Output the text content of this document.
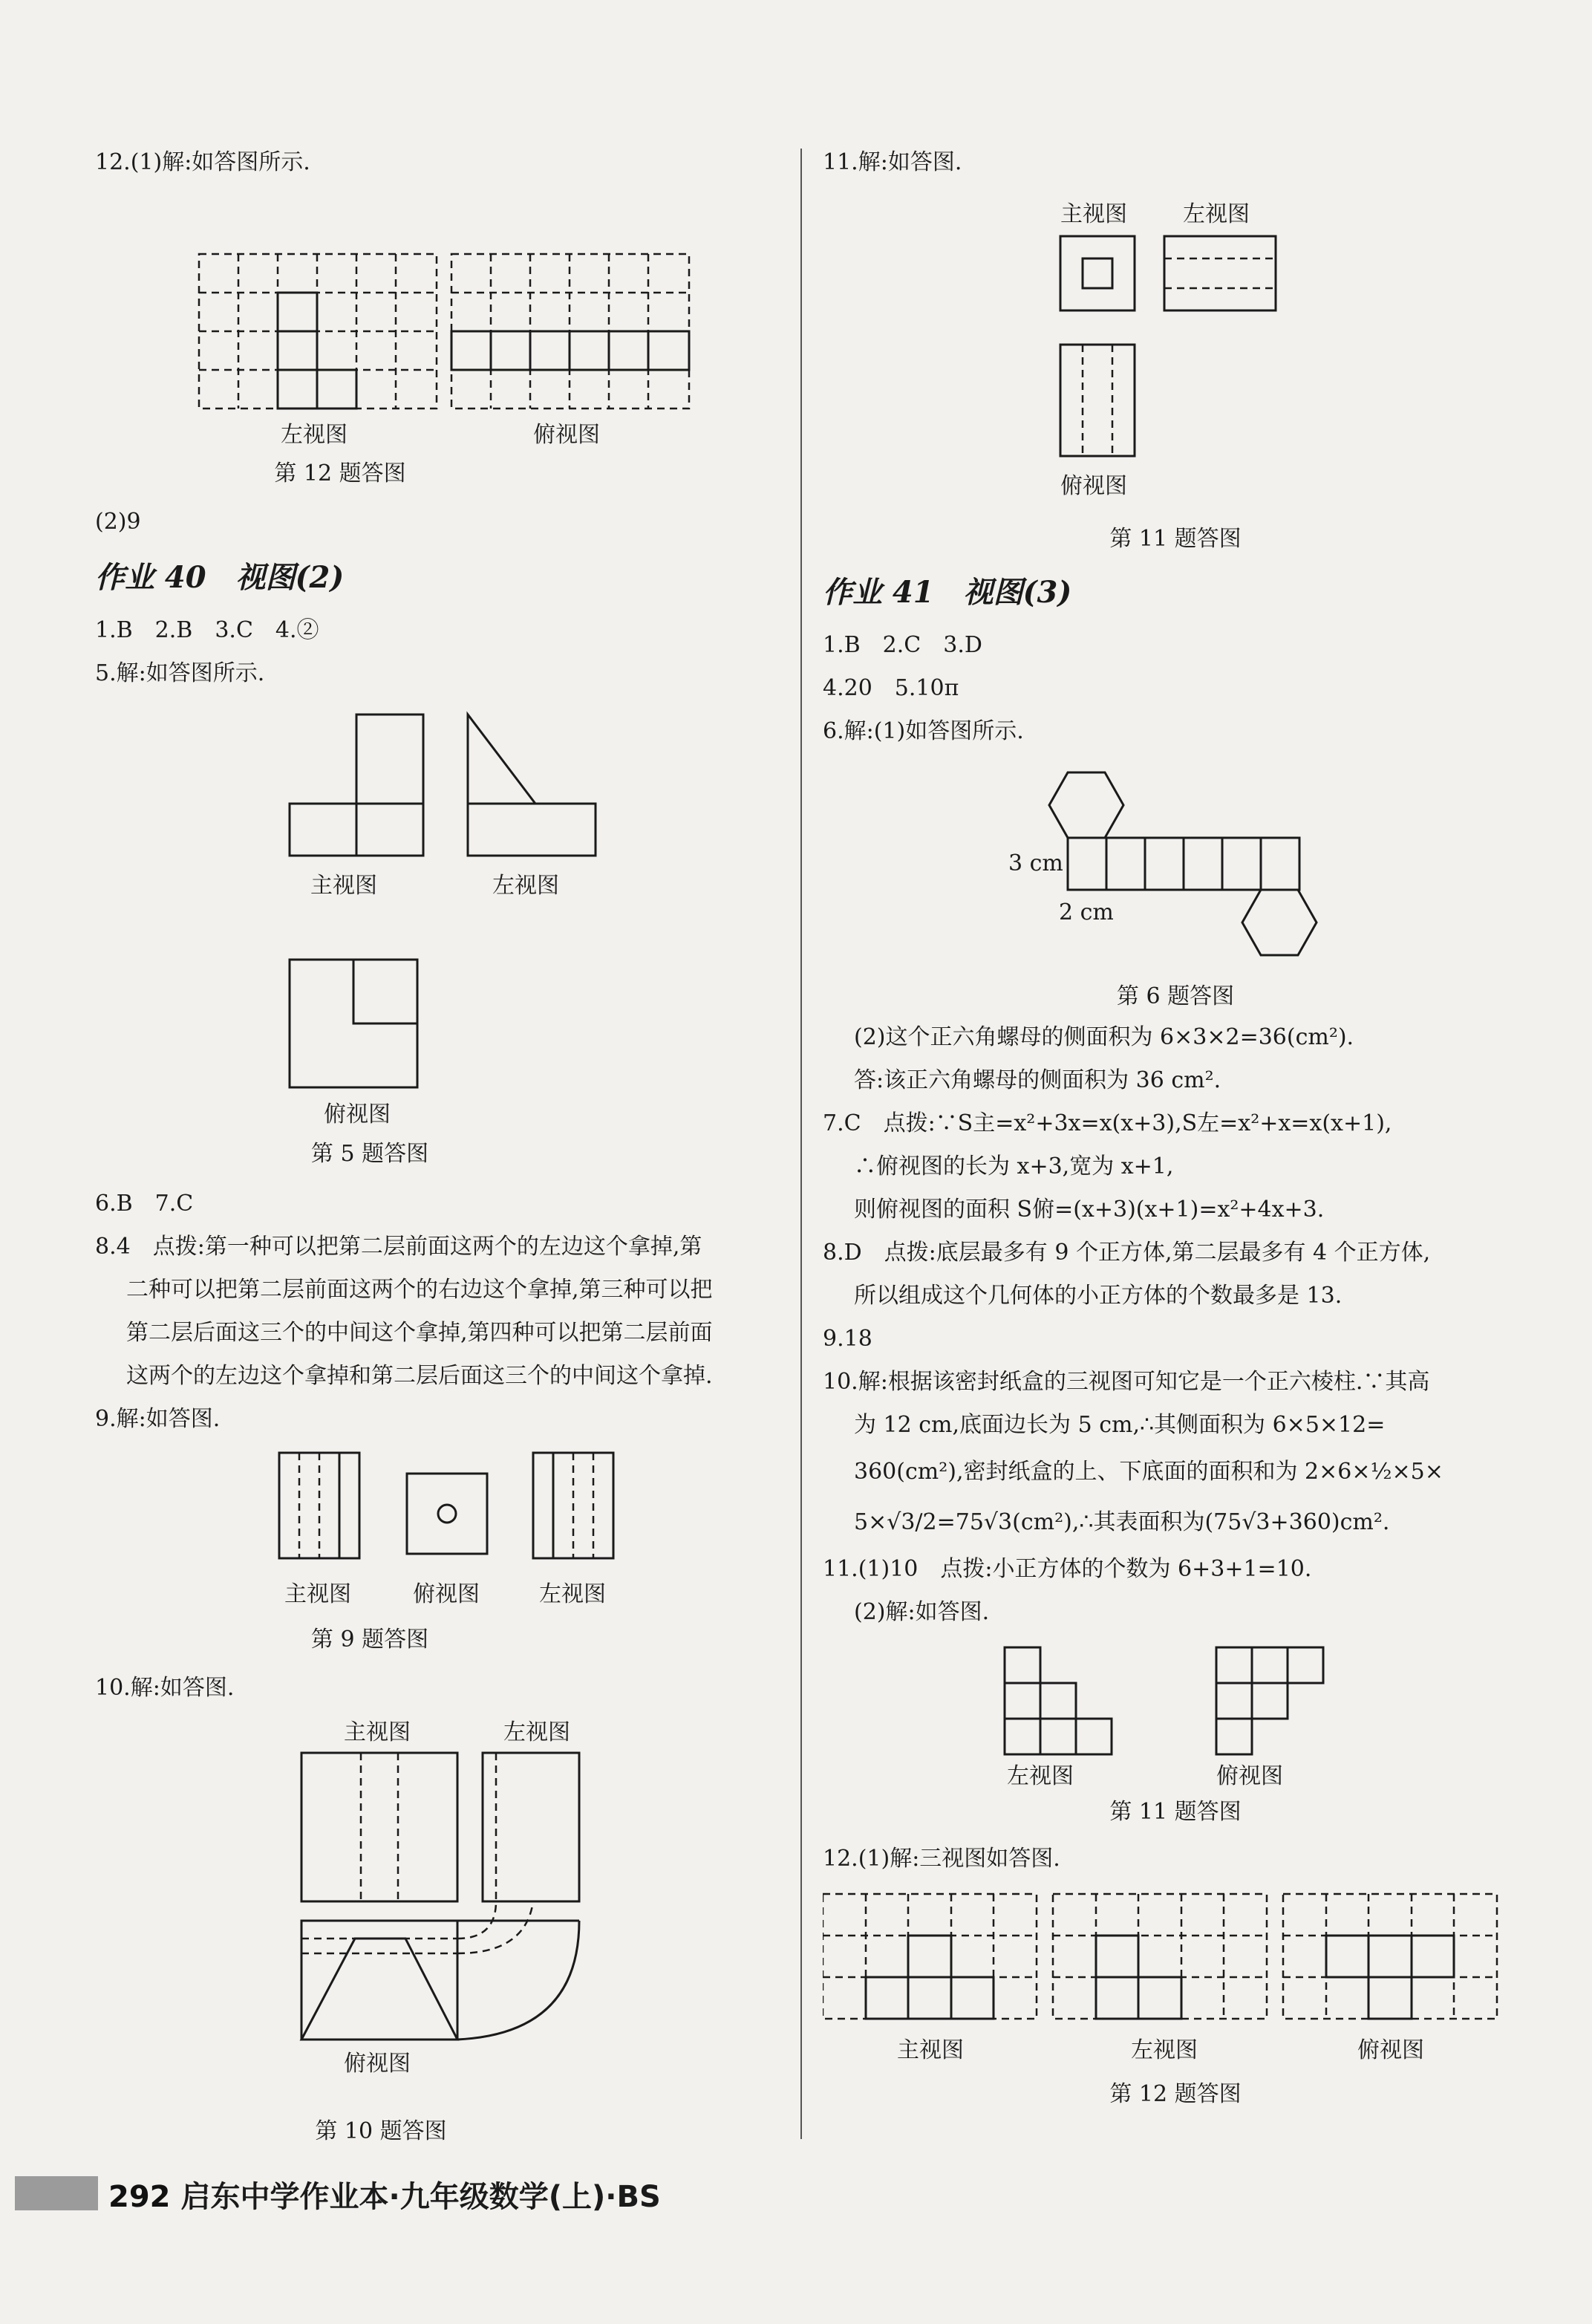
12.(1)解:如答图所示.
左视图	俯视图
第 12 题答图
(2)9
作业 40　视图(2)
1.B　2.B　3.C　4.②
5.解:如答图所示.
主视图	左视图
俯视图
第 5 题答图
6.B　7.C
8.4　点拨:第一种可以把第二层前面这两个的左边这个拿掉,第
二种可以把第二层前面这两个的右边这个拿掉,第三种可以把
第二层后面这三个的中间这个拿掉,第四种可以把第二层前面
这两个的左边这个拿掉和第二层后面这三个的中间这个拿掉.
9.解:如答图.
主视图	俯视图	左视图
第 9 题答图
10.解:如答图.
主视图	左视图
俯视图
第 10 题答图
11.解:如答图.
主视图	左视图
俯视图
第 11 题答图
作业 41　视图(3)
1.B　2.C　3.D
4.20　5.10π
6.解:(1)如答图所示.
3 cm
2 cm
第 6 题答图
(2)这个正六角螺母的侧面积为 6×3×2=36(cm²).
答:该正六角螺母的侧面积为 36 cm².
7.C　点拨:∵S主=x²+3x=x(x+3),S左=x²+x=x(x+1),
∴俯视图的长为 x+3,宽为 x+1,
则俯视图的面积 S俯=(x+3)(x+1)=x²+4x+3.
8.D　点拨:底层最多有 9 个正方体,第二层最多有 4 个正方体,
所以组成这个几何体的小正方体的个数最多是 13.
9.18
10.解:根据该密封纸盒的三视图可知它是一个正六棱柱.∵其高
为 12 cm,底面边长为 5 cm,∴其侧面积为 6×5×12=
360(cm²),密封纸盒的上、下底面的面积和为 2×6×½×5×
5×√3/2=75√3(cm²),∴其表面积为(75√3+360)cm².
11.(1)10　点拨:小正方体的个数为 6+3+1=10.
(2)解:如答图.
左视图	俯视图
第 11 题答图
12.(1)解:三视图如答图.
主视图	左视图	俯视图
第 12 题答图
292 启东中学作业本·九年级数学(上)·BS
